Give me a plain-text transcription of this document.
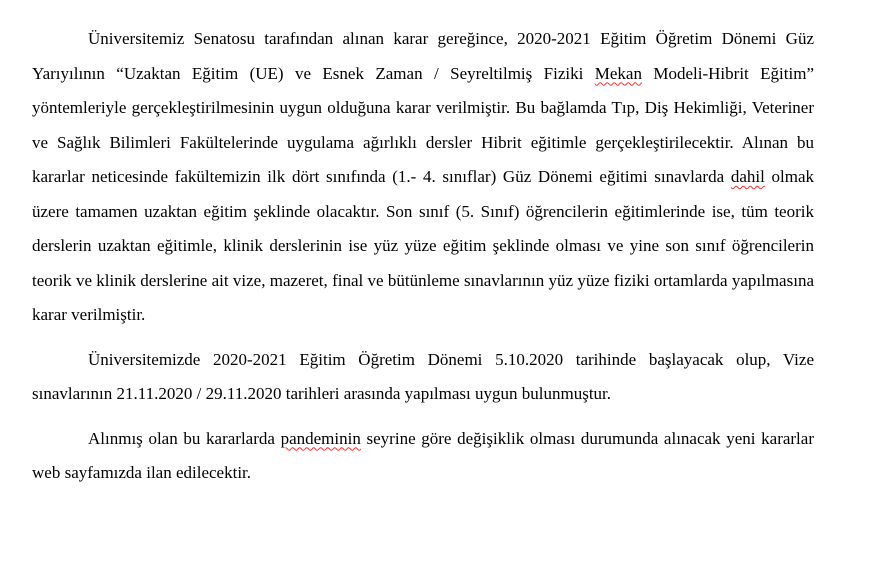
Üniversitemiz Senatosu tarafından alınan karar gereğince, 2020-2021 Eğitim Öğretim Dönemi Güz Yarıyılının “Uzaktan Eğitim (UE) ve Esnek Zaman / Seyreltilmiş Fiziki Mekan Modeli-Hibrit Eğitim” yöntemleriyle gerçekleştirilmesinin uygun olduğuna karar verilmiştir. Bu bağlamda Tıp, Diş Hekimliği, Veteriner ve Sağlık Bilimleri Fakültelerinde uygulama ağırlıklı dersler Hibrit eğitimle gerçekleştirilecektir. Alınan bu kararlar neticesinde fakültemizin ilk dört sınıfında (1.- 4. sınıflar) Güz Dönemi eğitimi sınavlarda dahil olmak üzere tamamen uzaktan eğitim şeklinde olacaktır. Son sınıf (5. Sınıf) öğrencilerin eğitimlerinde ise, tüm teorik derslerin uzaktan eğitimle, klinik derslerinin ise yüz yüze eğitim şeklinde olması ve yine son sınıf öğrencilerin teorik ve klinik derslerine ait vize, mazeret, final ve bütünleme sınavlarının yüz yüze fiziki ortamlarda yapılmasına karar verilmiştir.

Üniversitemizde 2020-2021 Eğitim Öğretim Dönemi 5.10.2020 tarihinde başlayacak olup, Vize sınavlarının 21.11.2020 / 29.11.2020 tarihleri arasında yapılması uygun bulunmuştur.

Alınmış olan bu kararlarda pandeminin seyrine göre değişiklik olması durumunda alınacak yeni kararlar web sayfamızda ilan edilecektir.
